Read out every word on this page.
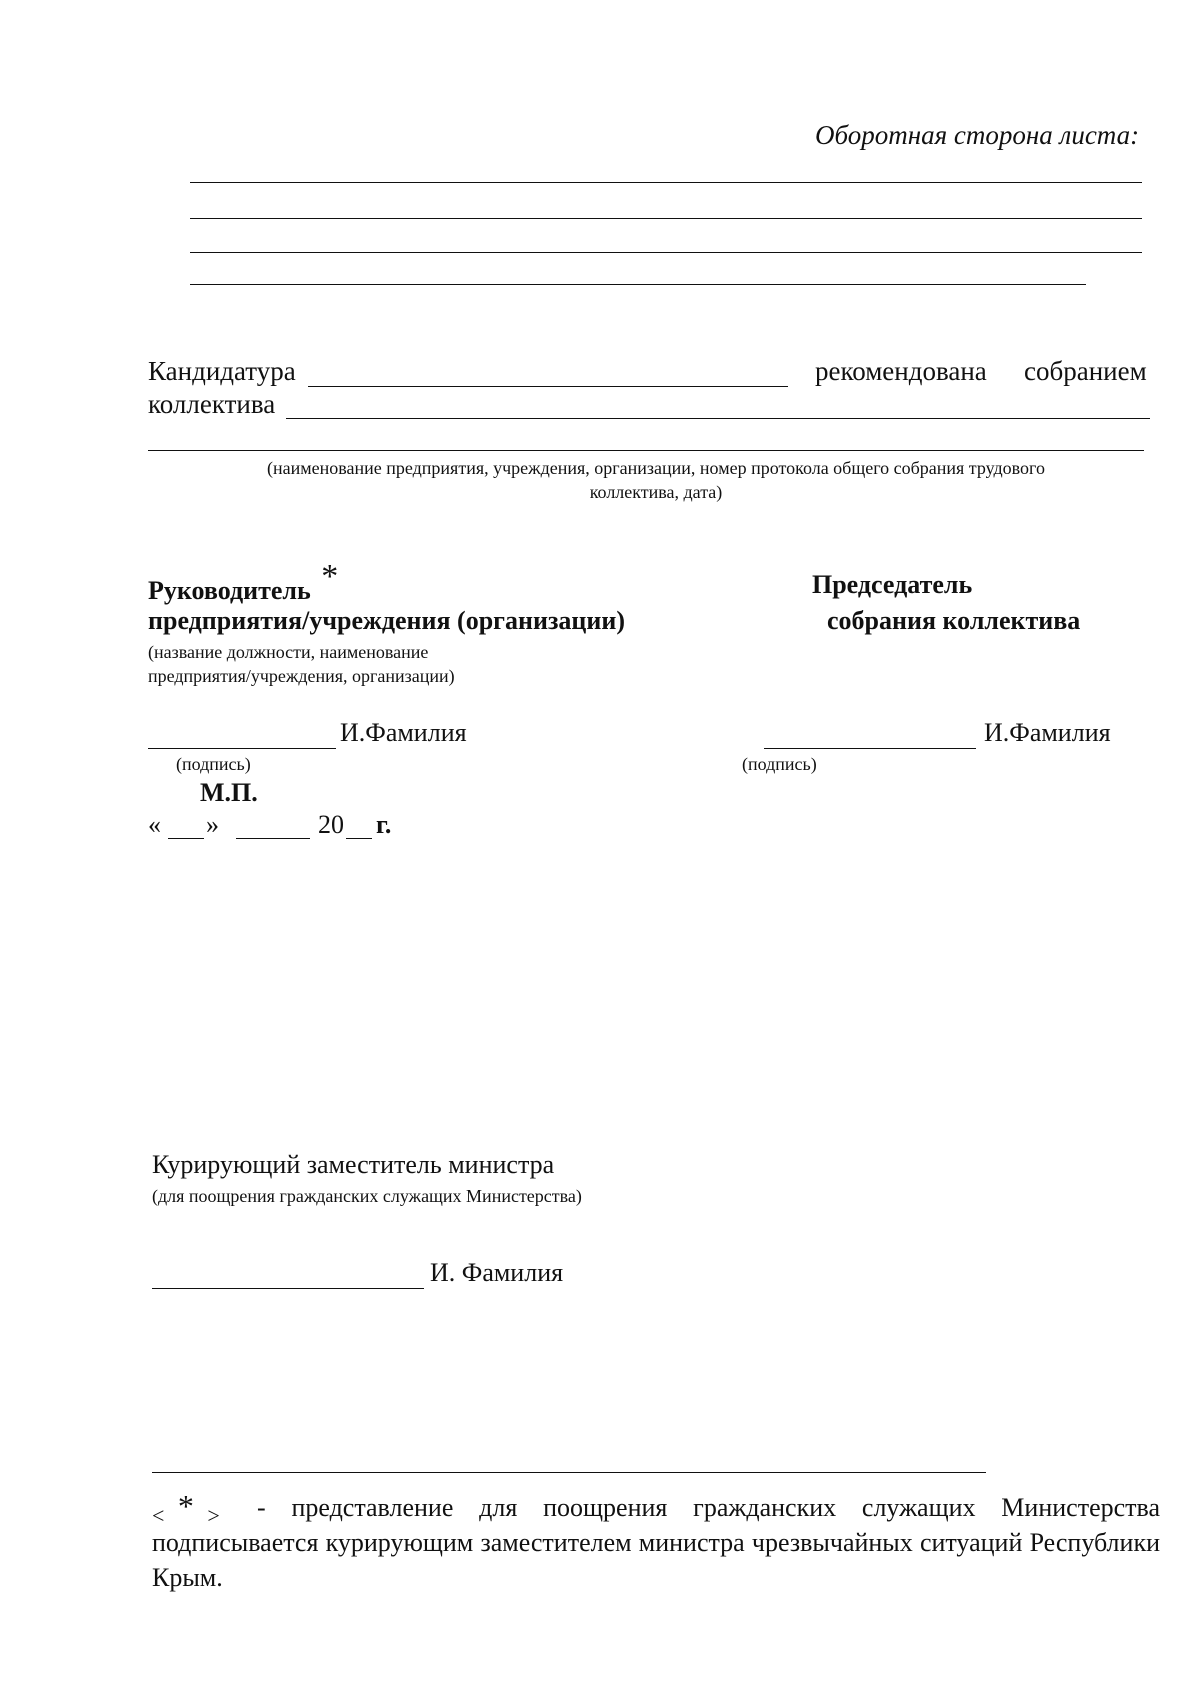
Оборотная сторона листа:
Кандидатура	рекомендована собранием
коллектива
(наименование предприятия, учреждения, организации, номер протокола общего собрания трудового коллектива, дата)
Руководитель *
предприятия/учреждения (организации)
(название должности, наименование предприятия/учреждения, организации)
И.Фамилия
(подпись)
М.П.
« »	20 г.
Председатель
собрания коллектива
И.Фамилия
(подпись)
Курирующий заместитель министра
(для поощрения гражданских служащих Министерства)
И. Фамилия
< * >	- представление для поощрения гражданских служащих Министерства подписывается курирующим заместителем министра чрезвычайных ситуаций Республики Крым.
